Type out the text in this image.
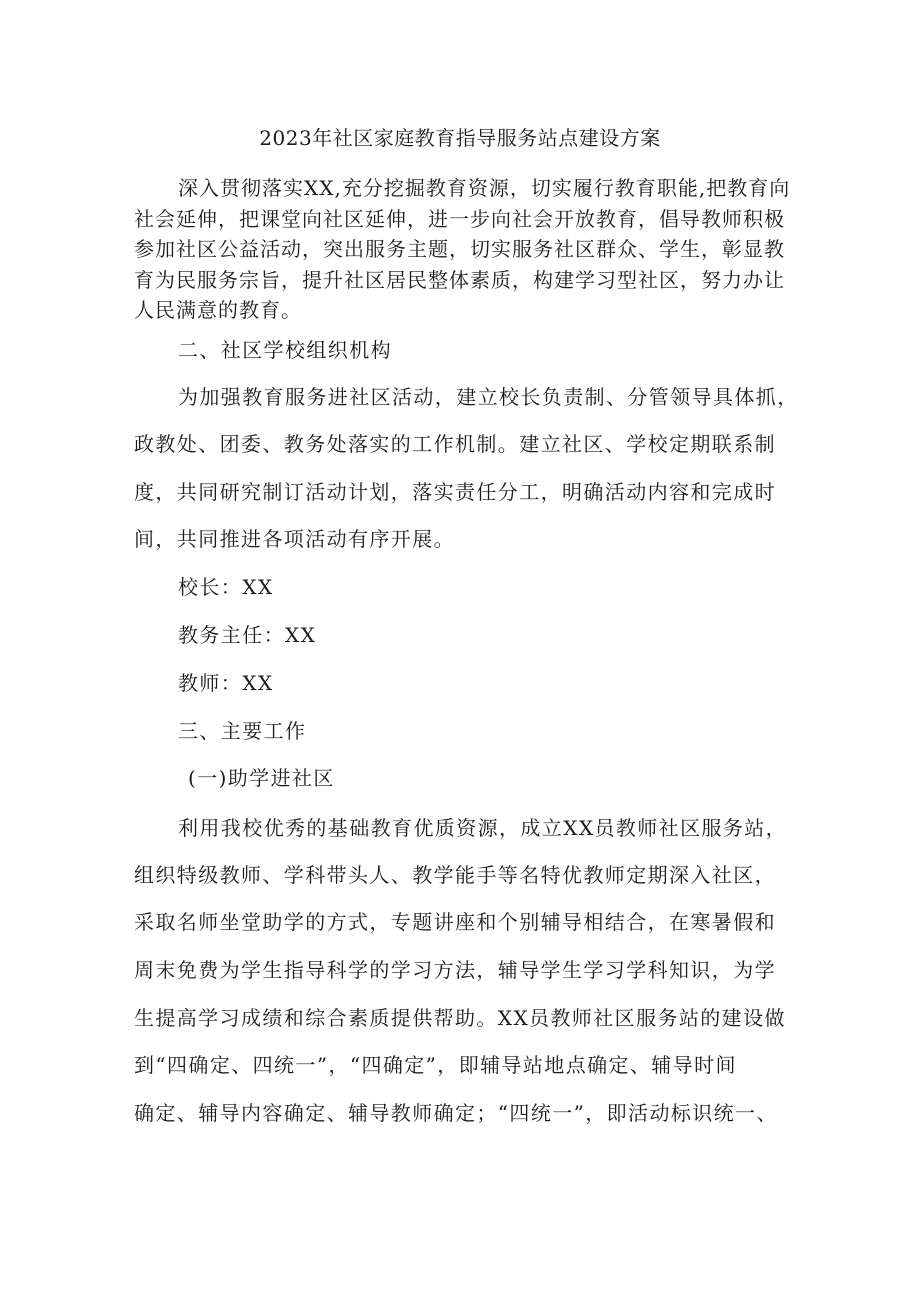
2023年社区家庭教育指导服务站点建设方案
深入贯彻落实XX,充分挖掘教育资源，切实履行教育职能,把教育向社会延伸，把课堂向社区延伸，进一步向社会开放教育，倡导教师积极参加社区公益活动，突出服务主题，切实服务社区群众、学生，彰显教育为民服务宗旨，提升社区居民整体素质，构建学习型社区，努力办让人民满意的教育。
二、社区学校组织机构
为加强教育服务进社区活动，建立校长负责制、分管领导具体抓，
政教处、团委、教务处落实的工作机制。建立社区、学校定期联系制
度，共同研究制订活动计划，落实责任分工，明确活动内容和完成时
间，共同推进各项活动有序开展。
校长：XX
教务主任：XX
教师：XX
三、主要工作
(一)助学进社区
利用我校优秀的基础教育优质资源，成立XX员教师社区服务站，
组织特级教师、学科带头人、教学能手等名特优教师定期深入社区，
采取名师坐堂助学的方式，专题讲座和个别辅导相结合，在寒暑假和
周末免费为学生指导科学的学习方法，辅导学生学习学科知识，为学
生提高学习成绩和综合素质提供帮助。XX员教师社区服务站的建设做
到“四确定、四统一”，“四确定”，即辅导站地点确定、辅导时间
确定、辅导内容确定、辅导教师确定；“四统一”，即活动标识统一、
